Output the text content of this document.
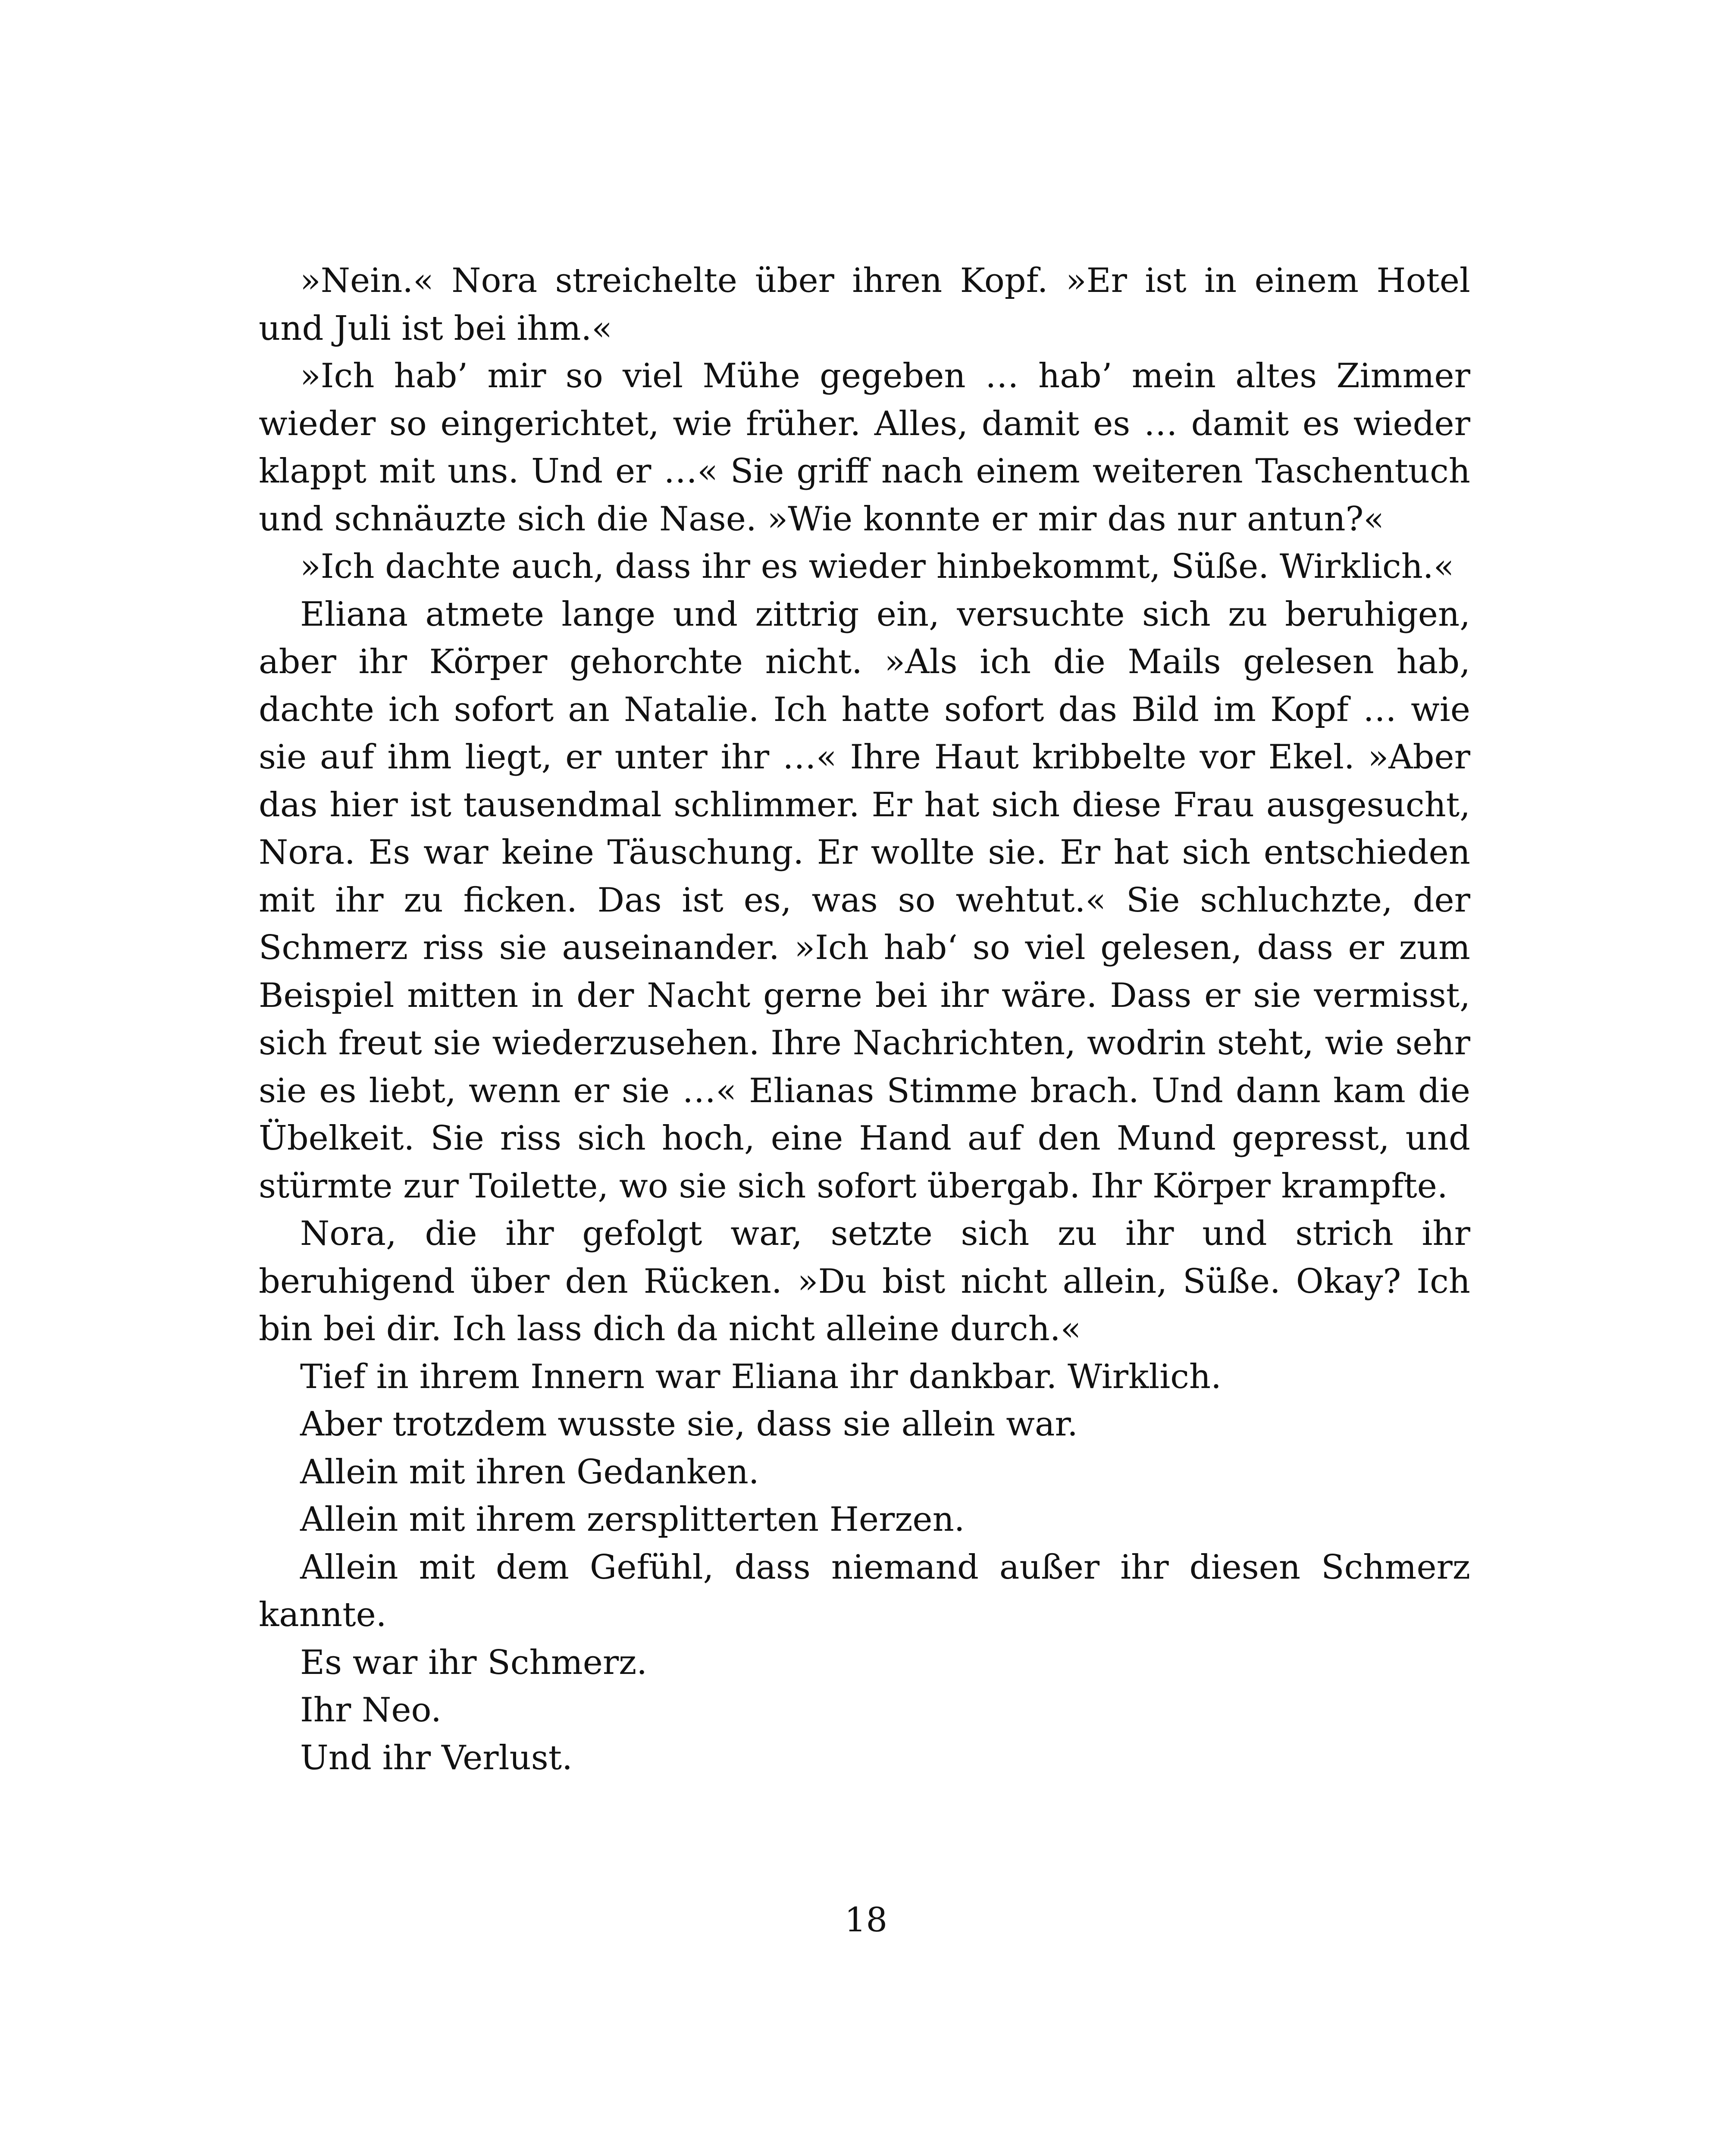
»Nein.« Nora streichelte über ihren Kopf. »Er ist in einem Hotel und Juli ist bei ihm.«

»Ich hab’ mir so viel Mühe gegeben … hab’ mein altes Zimmer wieder so eingerichtet, wie früher. Alles, damit es … damit es wieder klappt mit uns. Und er …« Sie griff nach einem weiteren Taschentuch und schnäuzte sich die Nase. »Wie konnte er mir das nur antun?«

»Ich dachte auch, dass ihr es wieder hinbekommt, Süße. Wirklich.«

Eliana atmete lange und zittrig ein, versuchte sich zu beruhigen, aber ihr Körper gehorchte nicht. »Als ich die Mails gelesen hab, dachte ich sofort an Natalie. Ich hatte sofort das Bild im Kopf … wie sie auf ihm liegt, er unter ihr …« Ihre Haut kribbelte vor Ekel. »Aber das hier ist tausendmal schlimmer. Er hat sich diese Frau ausgesucht, Nora. Es war keine Täuschung. Er wollte sie. Er hat sich entschieden mit ihr zu ficken. Das ist es, was so wehtut.« Sie schluchzte, der Schmerz riss sie auseinander. »Ich hab‘ so viel gelesen, dass er zum Beispiel mitten in der Nacht gerne bei ihr wäre. Dass er sie vermisst, sich freut sie wiederzusehen. Ihre Nachrichten, wodrin steht, wie sehr sie es liebt, wenn er sie …« Elianas Stimme brach. Und dann kam die Übelkeit. Sie riss sich hoch, eine Hand auf den Mund gepresst, und stürmte zur Toilette, wo sie sich sofort übergab. Ihr Körper krampfte.

Nora, die ihr gefolgt war, setzte sich zu ihr und strich ihr beruhigend über den Rücken. »Du bist nicht allein, Süße. Okay? Ich bin bei dir. Ich lass dich da nicht alleine durch.«

Tief in ihrem Innern war Eliana ihr dankbar. Wirklich.

Aber trotzdem wusste sie, dass sie allein war.

Allein mit ihren Gedanken.

Allein mit ihrem zersplitterten Herzen.

Allein mit dem Gefühl, dass niemand außer ihr diesen Schmerz kannte.

Es war ihr Schmerz.

Ihr Neo.

Und ihr Verlust.

18
